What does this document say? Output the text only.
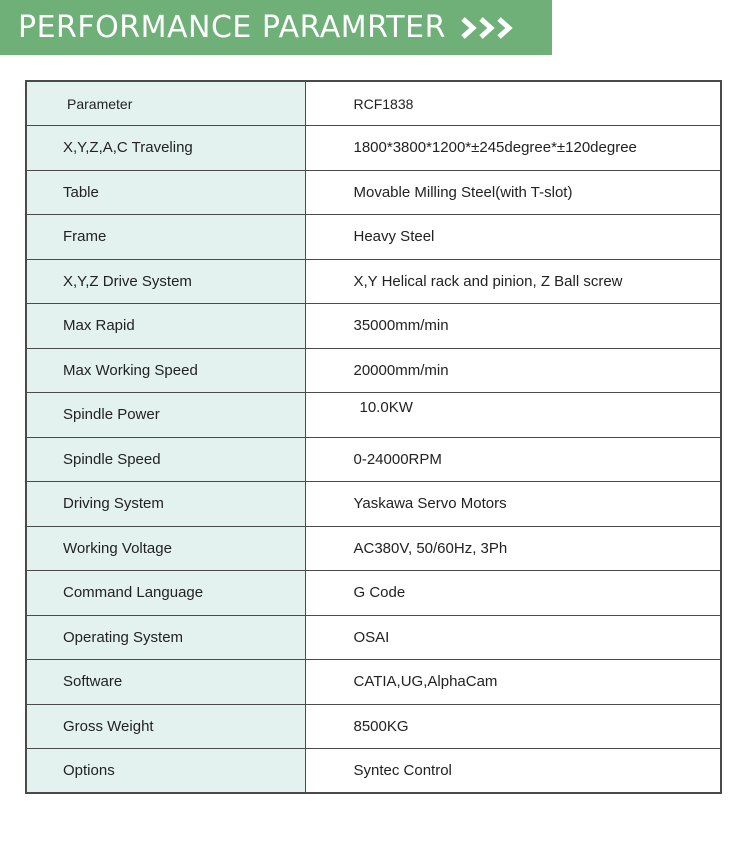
PERFORMANCE PARAMRTER
Parameter	RCF1838
X,Y,Z,A,C Traveling	1800*3800*1200*±245degree*±120degree
Table	Movable Milling Steel(with T-slot)
Frame	Heavy Steel
X,Y,Z Drive System	X,Y Helical rack and pinion, Z Ball screw
Max Rapid	35000mm/min
Max Working Speed	20000mm/min
Spindle Power	10.0KW
Spindle Speed	0-24000RPM
Driving System	Yaskawa Servo Motors
Working Voltage	AC380V, 50/60Hz, 3Ph
Command Language	G Code
Operating System	OSAI
Software	CATIA,UG,AlphaCam
Gross Weight	8500KG
Options	Syntec Control
